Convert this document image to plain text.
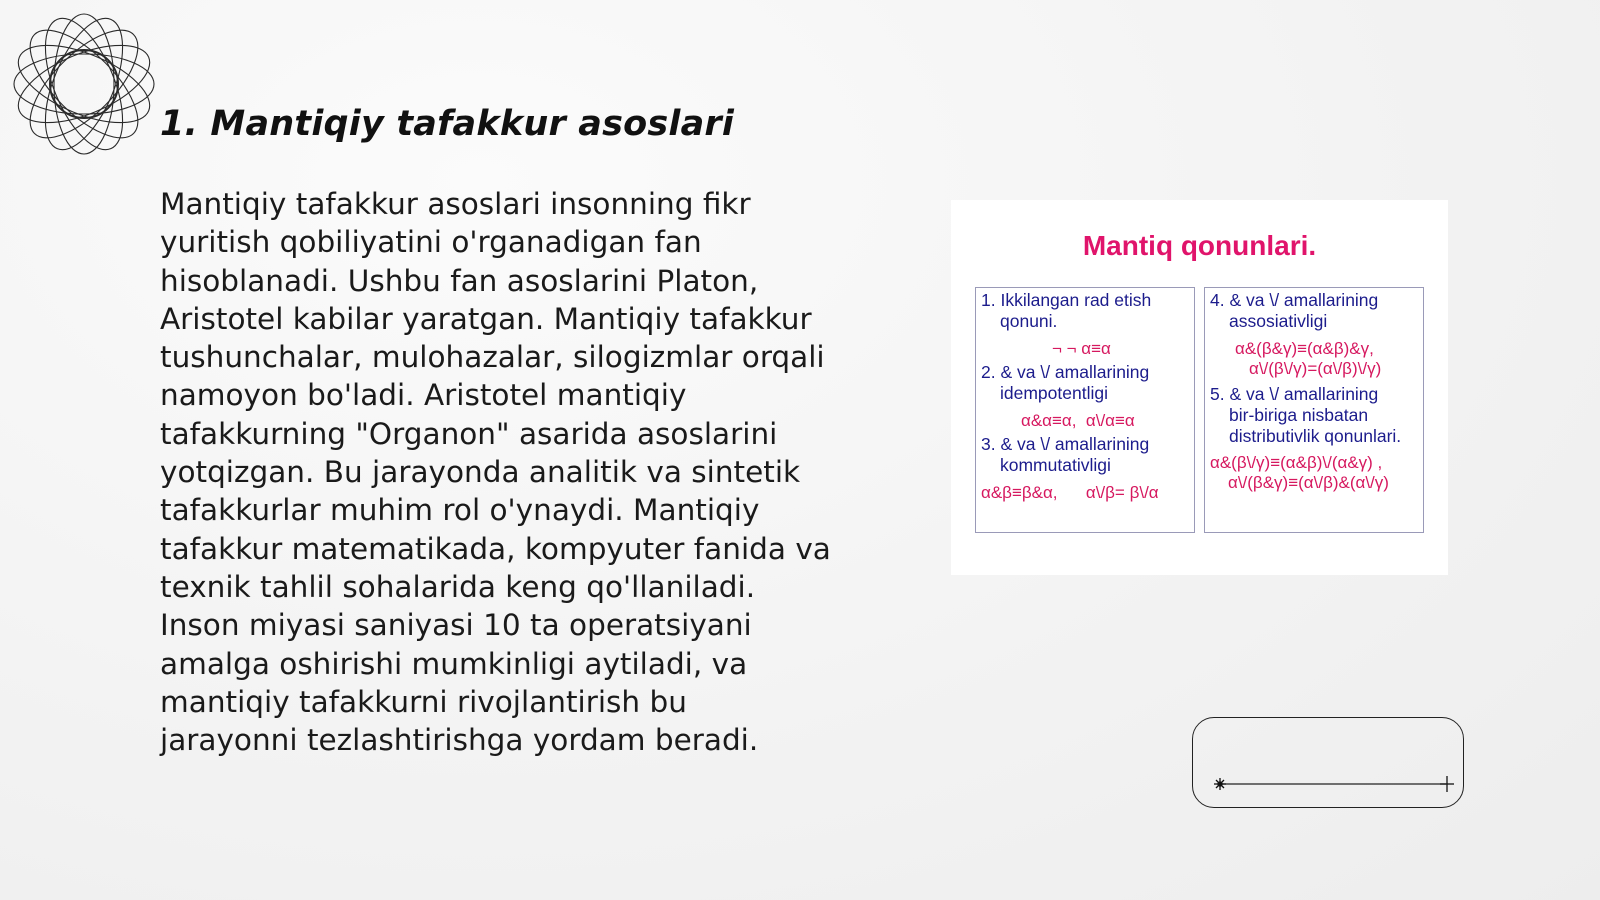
1. Mantiqiy tafakkur asoslari

Mantiqiy tafakkur asoslari insonning fikr
yuritish qobiliyatini o'rganadigan fan
hisoblanadi. Ushbu fan asoslarini Platon,
Aristotel kabilar yaratgan. Mantiqiy tafakkur
tushunchalar, mulohazalar, silogizmlar orqali
namoyon bo'ladi. Aristotel mantiqiy
tafakkurning "Organon" asarida asoslarini
yotqizgan. Bu jarayonda analitik va sintetik
tafakkurlar muhim rol o'ynaydi. Mantiqiy
tafakkur matematikada, kompyuter fanida va
texnik tahlil sohalarida keng qo'llaniladi.
Inson miyasi saniyasi 10 ta operatsiyani
amalga oshirishi mumkinligi aytiladi, va
mantiqiy tafakkurni rivojlantirish bu
jarayonni tezlashtirishga yordam beradi.

Mantiq qonunlari.

1. Ikkilangan rad etish
qonuni.

¬ ¬ α≡α

2. & va \/ amallarining
idempotentligi

α&α≡α,  α\/α≡α

3. & va \/ amallarining
kommutativligi

α&β≡β&α,      α\/β= β\/α

4. & va \/ amallarining
assosiativligi

α&(β&γ)≡(α&β)&γ,

α\/(β\/γ)=(α\/β)\/γ)

5. & va \/ amallarining
bir-biriga nisbatan
distributivlik qonunlari.

α&(β\/γ)≡(α&β)\/(α&γ) ,

α\/(β&γ)≡(α\/β)&(α\/γ)
